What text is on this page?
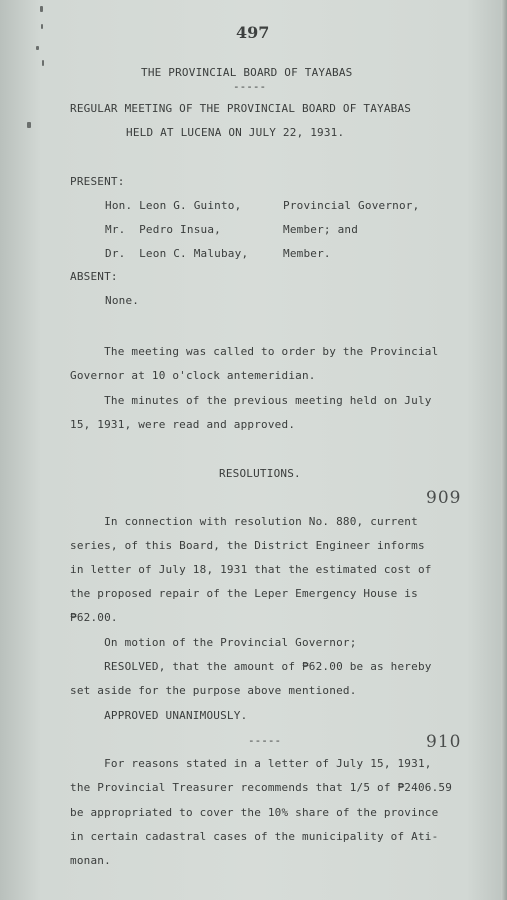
497
THE PROVINCIAL BOARD OF TAYABAS
-----
REGULAR MEETING OF THE PROVINCIAL BOARD OF TAYABAS
HELD AT LUCENA ON JULY 22, 1931.
PRESENT:
Hon. Leon G. Guinto,	Provincial Governor,
Mr.  Pedro Insua,	Member; and
Dr.  Leon C. Malubay,	Member.
ABSENT:
None.
The meeting was called to order by the Provincial
Governor at 10 o'clock antemeridian.
The minutes of the previous meeting held on July
15, 1931, were read and approved.
RESOLUTIONS.
909
In connection with resolution No. 880, current
series, of this Board, the District Engineer informs
in letter of July 18, 1931 that the estimated cost of
the proposed repair of the Leper Emergency House is
₱62.00.
On motion of the Provincial Governor;
RESOLVED, that the amount of ₱62.00 be as hereby
set aside for the purpose above mentioned.
APPROVED UNANIMOUSLY.
-----	910
For reasons stated in a letter of July 15, 1931,
the Provincial Treasurer recommends that 1/5 of ₱2406.59
be appropriated to cover the 10% share of the province
in certain cadastral cases of the municipality of Ati-
monan.
